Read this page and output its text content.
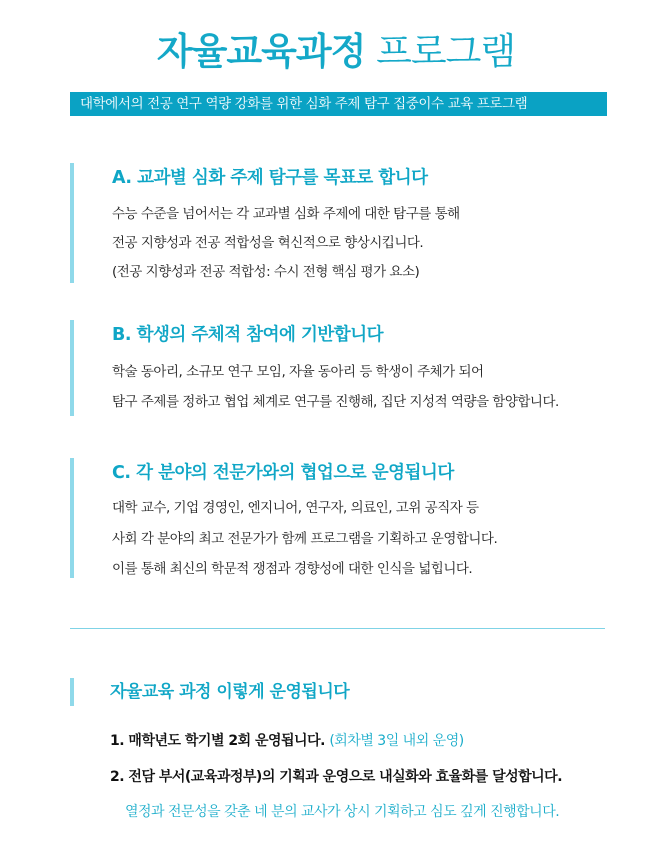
자율교육과정 프로그램
대학에서의 전공 연구 역량 강화를 위한 심화 주제 탐구 집중이수 교육 프로그램
A. 교과별 심화 주제 탐구를 목표로 합니다
수능 수준을 넘어서는 각 교과별 심화 주제에 대한 탐구를 통해
전공 지향성과 전공 적합성을 혁신적으로 향상시킵니다.
(전공 지향성과 전공 적합성: 수시 전형 핵심 평가 요소)
B. 학생의 주체적 참여에 기반합니다
학술 동아리, 소규모 연구 모임, 자율 동아리 등 학생이 주체가 되어
탐구 주제를 정하고 협업 체계로 연구를 진행해, 집단 지성적 역량을 함양합니다.
C. 각 분야의 전문가와의 협업으로 운영됩니다
대학 교수, 기업 경영인, 엔지니어, 연구자, 의료인, 고위 공직자 등
사회 각 분야의 최고 전문가가 함께 프로그램을 기획하고 운영합니다.
이를 통해 최신의 학문적 쟁점과 경향성에 대한 인식을 넓힙니다.
자율교육 과정 이렇게 운영됩니다
1. 매학년도 학기별 2회 운영됩니다. (회차별 3일 내외 운영)
2. 전담 부서(교육과정부)의 기획과 운영으로 내실화와 효율화를 달성합니다.
열정과 전문성을 갖춘 네 분의 교사가 상시 기획하고 심도 깊게 진행합니다.
